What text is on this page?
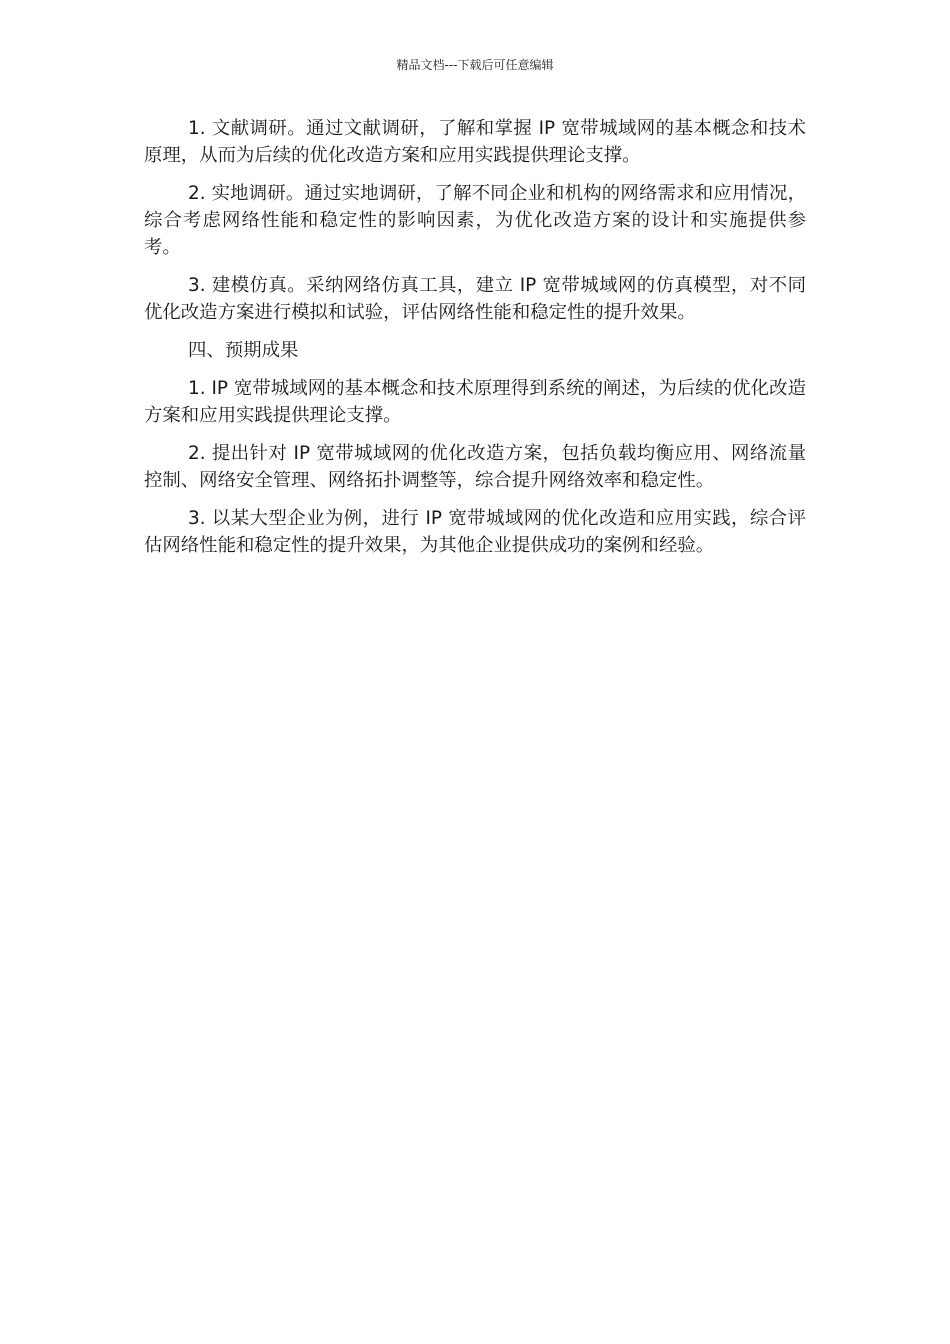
精品文档---下载后可任意编辑

1. 文献调研。通过文献调研，了解和掌握 IP 宽带城域网的基本概念和技术原理，从而为后续的优化改造方案和应用实践提供理论支撑。

2. 实地调研。通过实地调研，了解不同企业和机构的网络需求和应用情况，综合考虑网络性能和稳定性的影响因素，为优化改造方案的设计和实施提供参考。

3. 建模仿真。采纳网络仿真工具，建立 IP 宽带城域网的仿真模型，对不同优化改造方案进行模拟和试验，评估网络性能和稳定性的提升效果。

四、预期成果

1. IP 宽带城域网的基本概念和技术原理得到系统的阐述，为后续的优化改造方案和应用实践提供理论支撑。

2. 提出针对 IP 宽带城域网的优化改造方案，包括负载均衡应用、网络流量控制、网络安全管理、网络拓扑调整等，综合提升网络效率和稳定性。

3. 以某大型企业为例，进行 IP 宽带城域网的优化改造和应用实践，综合评估网络性能和稳定性的提升效果，为其他企业提供成功的案例和经验。
